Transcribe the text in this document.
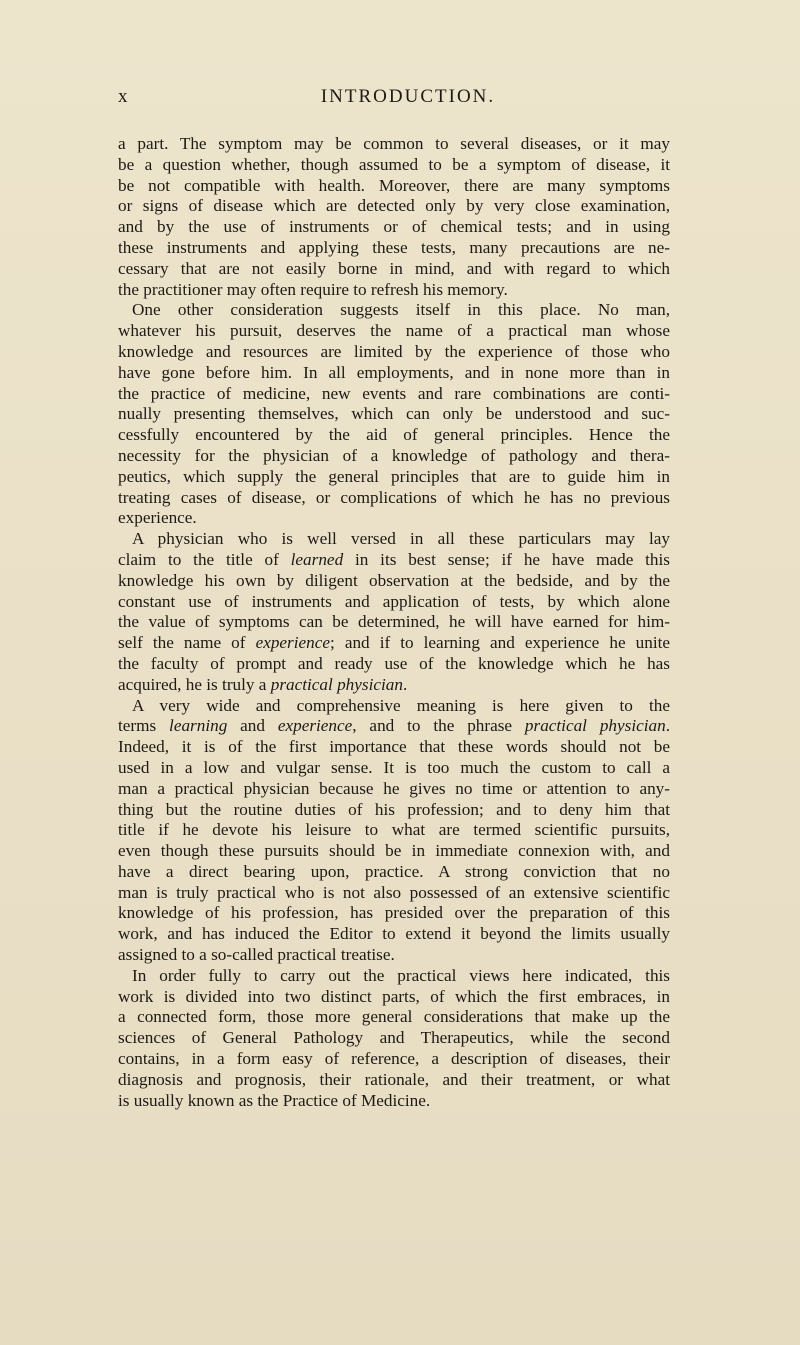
x	INTRODUCTION.
a part. The symptom may be common to several diseases, or it may
be a question whether, though assumed to be a symptom of disease, it
be not compatible with health. Moreover, there are many symptoms
or signs of disease which are detected only by very close examination,
and by the use of instruments or of chemical tests; and in using
these instruments and applying these tests, many precautions are ne-
cessary that are not easily borne in mind, and with regard to which
the practitioner may often require to refresh his memory.
One other consideration suggests itself in this place. No man,
whatever his pursuit, deserves the name of a practical man whose
knowledge and resources are limited by the experience of those who
have gone before him. In all employments, and in none more than in
the practice of medicine, new events and rare combinations are conti-
nually presenting themselves, which can only be understood and suc-
cessfully encountered by the aid of general principles. Hence the
necessity for the physician of a knowledge of pathology and thera-
peutics, which supply the general principles that are to guide him in
treating cases of disease, or complications of which he has no previous
experience.
A physician who is well versed in all these particulars may lay
claim to the title of learned in its best sense; if he have made this
knowledge his own by diligent observation at the bedside, and by the
constant use of instruments and application of tests, by which alone
the value of symptoms can be determined, he will have earned for him-
self the name of experience; and if to learning and experience he unite
the faculty of prompt and ready use of the knowledge which he has
acquired, he is truly a practical physician.
A very wide and comprehensive meaning is here given to the
terms learning and experience, and to the phrase practical physician.
Indeed, it is of the first importance that these words should not be
used in a low and vulgar sense. It is too much the custom to call a
man a practical physician because he gives no time or attention to any-
thing but the routine duties of his profession; and to deny him that
title if he devote his leisure to what are termed scientific pursuits,
even though these pursuits should be in immediate connexion with, and
have a direct bearing upon, practice. A strong conviction that no
man is truly practical who is not also possessed of an extensive scientific
knowledge of his profession, has presided over the preparation of this
work, and has induced the Editor to extend it beyond the limits usually
assigned to a so-called practical treatise.
In order fully to carry out the practical views here indicated, this
work is divided into two distinct parts, of which the first embraces, in
a connected form, those more general considerations that make up the
sciences of General Pathology and Therapeutics, while the second
contains, in a form easy of reference, a description of diseases, their
diagnosis and prognosis, their rationale, and their treatment, or what
is usually known as the Practice of Medicine.
